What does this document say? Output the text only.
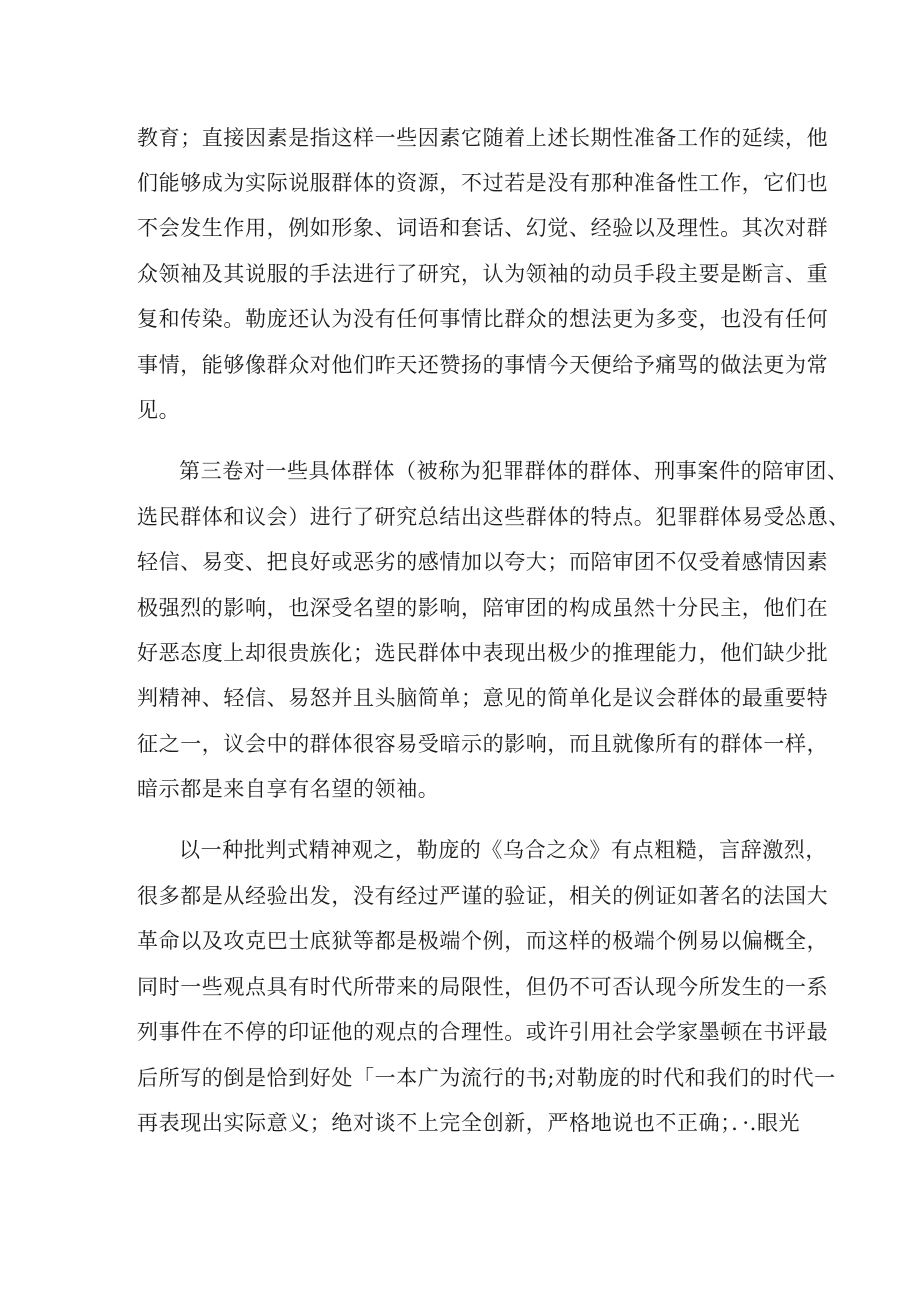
教育；直接因素是指这样一些因素它随着上述长期性准备工作的延续，他

们能够成为实际说服群体的资源，不过若是没有那种准备性工作，它们也

不会发生作用，例如形象、词语和套话、幻觉、经验以及理性。其次对群

众领袖及其说服的手法进行了研究，认为领袖的动员手段主要是断言、重

复和传染。勒庞还认为没有任何事情比群众的想法更为多变，也没有任何

事情，能够像群众对他们昨天还赞扬的事情今天便给予痛骂的做法更为常

见。

第三卷对一些具体群体（被称为犯罪群体的群体、刑事案件的陪审团、

选民群体和议会）进行了研究总结出这些群体的特点。犯罪群体易受怂恿、

轻信、易变、把良好或恶劣的感情加以夸大；而陪审团不仅受着感情因素

极强烈的影响，也深受名望的影响，陪审团的构成虽然十分民主，他们在

好恶态度上却很贵族化；选民群体中表现出极少的推理能力，他们缺少批

判精神、轻信、易怒并且头脑简单；意见的简单化是议会群体的最重要特

征之一，议会中的群体很容易受暗示的影响，而且就像所有的群体一样，

暗示都是来自享有名望的领袖。

以一种批判式精神观之，勒庞的《乌合之众》有点粗糙，言辞激烈，

很多都是从经验出发，没有经过严谨的验证，相关的例证如著名的法国大

革命以及攻克巴士底狱等都是极端个例，而这样的极端个例易以偏概全，

同时一些观点具有时代所带来的局限性，但仍不可否认现今所发生的一系

列事件在不停的印证他的观点的合理性。或许引用社会学家墨顿在书评最

后所写的倒是恰到好处「一本广为流行的书;对勒庞的时代和我们的时代一

再表现出实际意义；绝对谈不上完全创新，严格地说也不正确；．·.眼光
